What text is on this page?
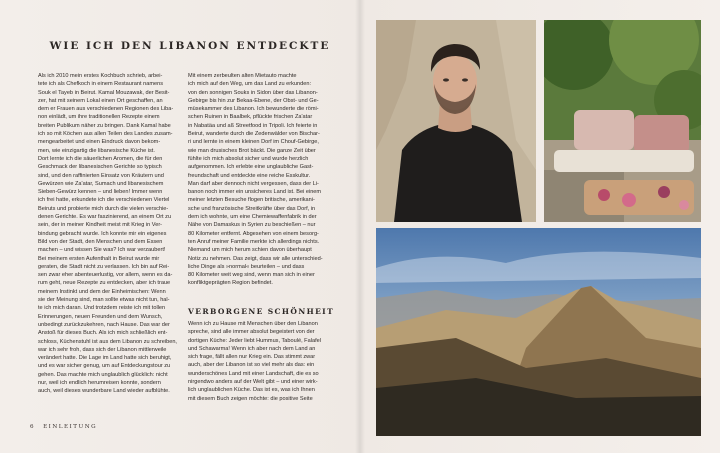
WIE ICH DEN LIBANON ENTDECKTE
Als ich 2010 mein erstes Kochbuch schrieb, arbei-
tete ich als Chefkoch in einem Restaurant namens
Souk el Tayeb in Beirut. Kamal Mouzawak, der Besit-
zer, hat mit seinem Lokal einen Ort geschaffen, an
dem er Frauen aus verschiedenen Regionen des Liba-
non einlädt, um ihre traditionellen Rezepte einem
breiten Publikum näher zu bringen. Dank Kamal habe
ich so mit Köchen aus allen Teilen des Landes zusam-
mengearbeitet und einen Eindruck davon bekom-
men, wie einzigartig die libanesische Küche ist.
Dort lernte ich die säuerlichen Aromen, die für den
Geschmack der libanesischen Gerichte so typisch
sind, und den raffinierten Einsatz von Kräutern und
Gewürzen wie Za'atar, Sumach und libanesischem
Sieben-Gewürz kennen – und lieben! Immer wenn
ich frei hatte, erkundete ich die verschiedenen Viertel
Beiruts und probierte mich durch die vielen verschie-
denen Gerichte. Es war faszinierend, an einem Ort zu
sein, der in meiner Kindheit meist mit Krieg in Ver-
bindung gebracht wurde. Ich konnte mir ein eigenes
Bild von der Stadt, den Menschen und dem Essen
machen – und wissen Sie was? Ich war verzaubert!
Bei meinem ersten Aufenthalt in Beirut wurde mir
geraten, die Stadt nicht zu verlassen. Ich bin auf Rei-
sen zwar eher abenteuerlustig, vor allem, wenn es da-
rum geht, neue Rezepte zu entdecken, aber ich traue
meinem Instinkt und dem der Einheimischen: Wenn
sie der Meinung sind, man sollte etwas nicht tun, hal-
te ich mich daran. Und trotzdem reiste ich mit tollen
Erinnerungen, neuen Freunden und dem Wunsch,
unbedingt zurückzukehren, nach Hause. Das war der
Anstoß für dieses Buch. Als ich mich schließlich ent-
schloss, Küchenstuhl ist aus dem Libanon zu schreiben,
war ich sehr froh, dass sich der Libanon mittlerweile
verändert hatte. Die Lage im Land hatte sich beruhigt,
und es war sicher genug, um auf Entdeckungstour zu
gehen. Das machte mich unglaublich glücklich: nicht
nur, weil ich endlich herumreisen konnte, sondern
auch, weil dieses wunderbare Land wieder aufblühte.
Mit einem zerbeulten alten Mietauto machte
ich mich auf den Weg, um das Land zu erkunden:
von den sonnigen Souks in Sidon über das Libanon-
Gebirge bis hin zur Bekaa-Ebene, der Obst- und Ge-
müsekammer des Libanon. Ich bewunderte die römi-
schen Ruinen in Baalbek, pflückte frischen Za'atar
in Nabatäa und aß Streetfood in Tripoli. Ich feierte in
Beirut, wanderte durch die Zedenwälder von Bischar-
ri und lernte in einem kleinen Dorf im Chouf-Gebirge,
wie man drusisches Brot bäckt. Die ganze Zeit über
fühlte ich mich absolut sicher und wurde herzlich
aufgenommen. Ich erlebte eine unglaubliche Gast-
freundschaft und entdeckte eine reiche Esskultur.
Man darf aber dennoch nicht vergessen, dass der Li-
banon noch immer ein unsicheres Land ist. Bei einem
meiner letzten Besuche flogen britische, amerikani-
sche und französische Streitkräfte über das Dorf, in
dem ich wohnte, um eine Chemiewaffenfabrik in der
Nähe von Damaskus in Syrien zu beschießen – nur
80 Kilometer entfernt. Abgesehen von einem besorg-
ten Anruf meiner Familie merkte ich allerdings nichts.
Niemand um mich herum schien davon überhaupt
Notiz zu nehmen. Das zeigt, dass wir alle unterschied-
liche Dinge als »normal« beurteilen – und dass
80 Kilometer weit weg sind, wenn man sich in einer
konfliktgeprägten Region befindet.
VERBORGENE SCHÖNHEIT
Wenn ich zu Hause mit Menschen über den Libanon
spreche, sind alle immer absolut begeistert von der
dortigen Küche: Jeder liebt Hummus, Taboulé, Falafel
und Schawarma! Wenn ich aber nach dem Land an
sich frage, fällt allen nur Krieg ein. Das stimmt zwar
auch, aber der Libanon ist so viel mehr als das: ein
wunderschönes Land mit einer Landschaft, die es so
nirgendwo anders auf der Welt gibt – und einer wirk-
lich unglaublichen Küche. Das ist es, was ich Ihnen
mit diesem Buch zeigen möchte: die positive Seite
6 EINLEITUNG
